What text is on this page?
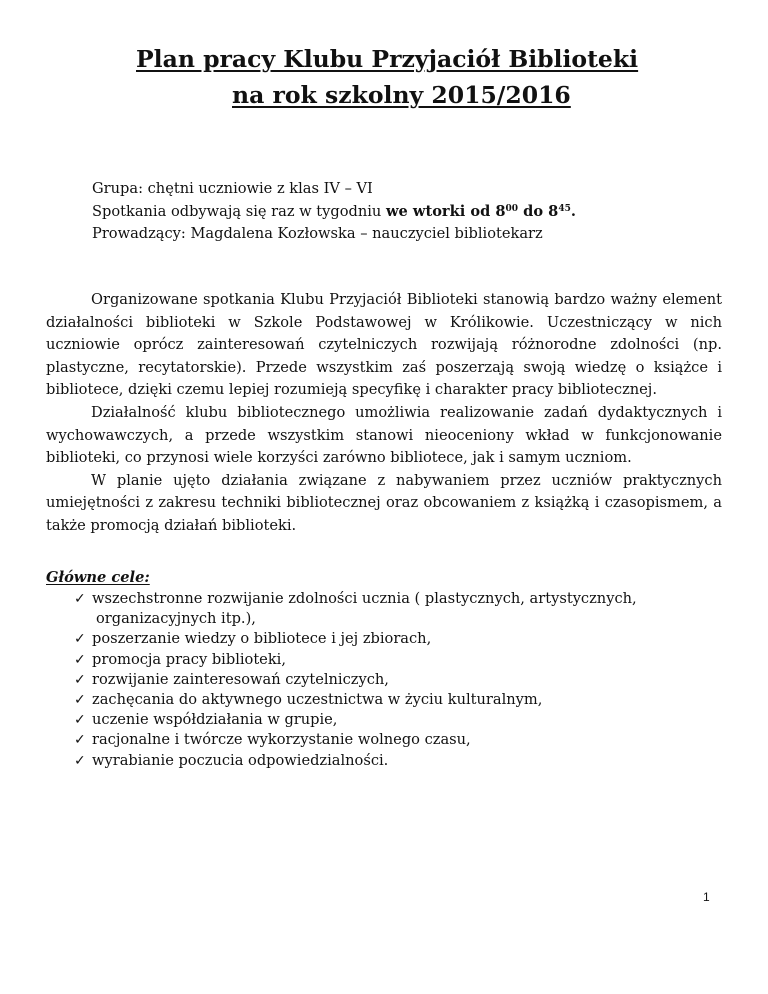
Plan pracy Klubu Przyjaciół Biblioteki
na rok szkolny 2015/2016
Grupa: chętni uczniowie z klas IV – VI
Spotkania odbywają się raz w tygodniu we wtorki od $8^{00}$ do $8^{45}$.
Prowadzący: Magdalena Kozłowska – nauczyciel bibliotekarz

Organizowane spotkania Klubu Przyjaciół Biblioteki stanowią bardzo ważny element działalności biblioteki w Szkole Podstawowej w Królikowie. Uczestniczący w nich uczniowie oprócz zainteresowań czytelniczych rozwijają różnorodne zdolności (np. plastyczne, recytatorskie). Przede wszystkim zaś poszerzają swoją wiedzę o książce i bibliotece, dzięki czemu lepiej rozumieją specyfikę i charakter pracy bibliotecznej.

Działalność klubu bibliotecznego umożliwia realizowanie zadań dydaktycznych i wychowawczych, a przede wszystkim stanowi nieoceniony wkład w funkcjonowanie biblioteki, co przynosi wiele korzyści zarówno bibliotece, jak i samym uczniom.

W planie ujęto działania związane z nabywaniem przez uczniów praktycznych umiejętności z zakresu techniki bibliotecznej oraz obcowaniem z książką i czasopismem, a także promocją działań biblioteki.

Główne cele:
✓ wszechstronne rozwijanie zdolności ucznia ( plastycznych, artystycznych,
organizacyjnych itp.),
✓ poszerzanie wiedzy o bibliotece i jej zbiorach,
✓ promocja pracy biblioteki,
✓ rozwijanie zainteresowań czytelniczych,
✓ zachęcania do aktywnego uczestnictwa w życiu kulturalnym,
✓ uczenie współdziałania w grupie,
✓ racjonalne i twórcze wykorzystanie wolnego czasu,
✓ wyrabianie poczucia odpowiedzialności.
1
